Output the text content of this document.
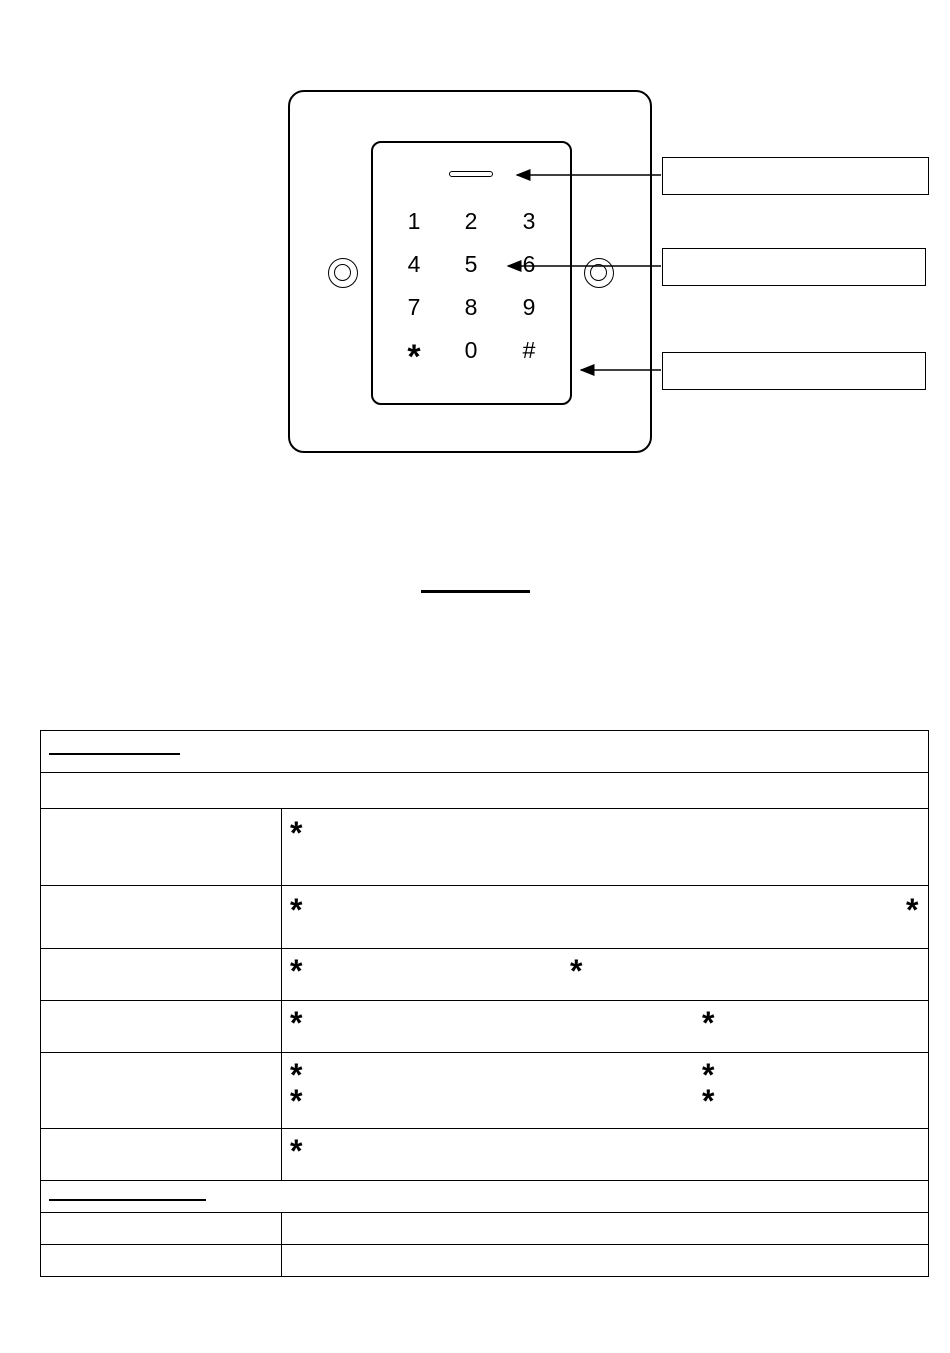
1	2	3
4	5	6
7	8	9
*	0	#

	*

	* *

	* *

	* *

	* *
* *

	*
